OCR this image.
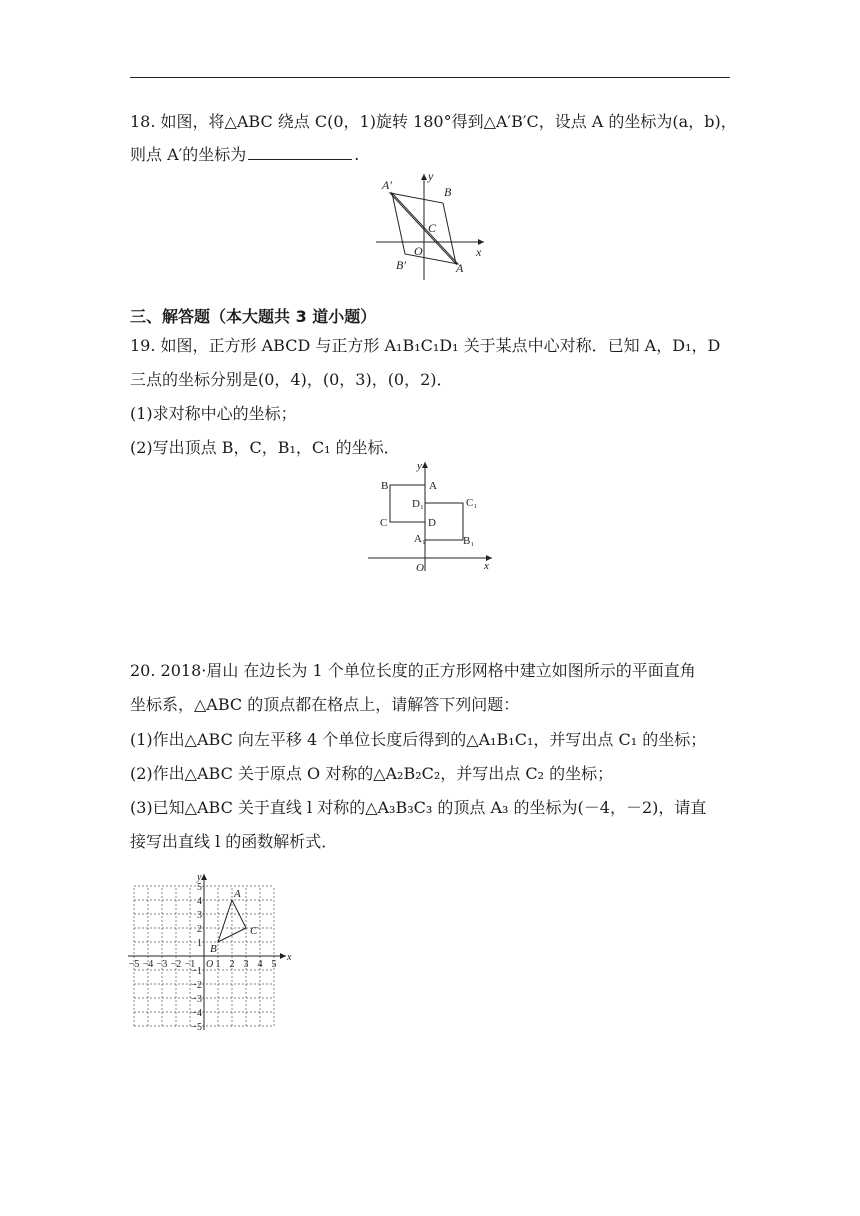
18. 如图，将△ABC 绕点 C(0，1)旋转 180°得到△A′B′C，设点 A 的坐标为(a，b)，
则点 A′的坐标为	.
A′	B
C
O
B′	A
x
y
三、解答题（本大题共 3 道小题）
19. 如图，正方形 ABCD 与正方形 A₁B₁C₁D₁ 关于某点中心对称．已知 A，D₁，D
三点的坐标分别是(0，4)，(0，3)，(0，2)．
(1)求对称中心的坐标；
(2)写出顶点 B，C，B₁，C₁ 的坐标．
y
B	A
D₁	C₁
C	D
A₁	B₁
O	x
20. 2018·眉山 在边长为 1 个单位长度的正方形网格中建立如图所示的平面直角
坐标系，△ABC 的顶点都在格点上，请解答下列问题：
(1)作出△ABC 向左平移 4 个单位长度后得到的△A₁B₁C₁，并写出点 C₁ 的坐标；
(2)作出△ABC 关于原点 O 对称的△A₂B₂C₂，并写出点 C₂ 的坐标；
(3)已知△ABC 关于直线 l 对称的△A₃B₃C₃ 的顶点 A₃ 的坐标为(－4，－2)，请直
接写出直线 l 的函数解析式．
−5 −4 −3 −2 −1 1 2 3 4 5
5
4
3
2
1
−1
−2
−3
−4
−5
O
x
y
A
B
C
